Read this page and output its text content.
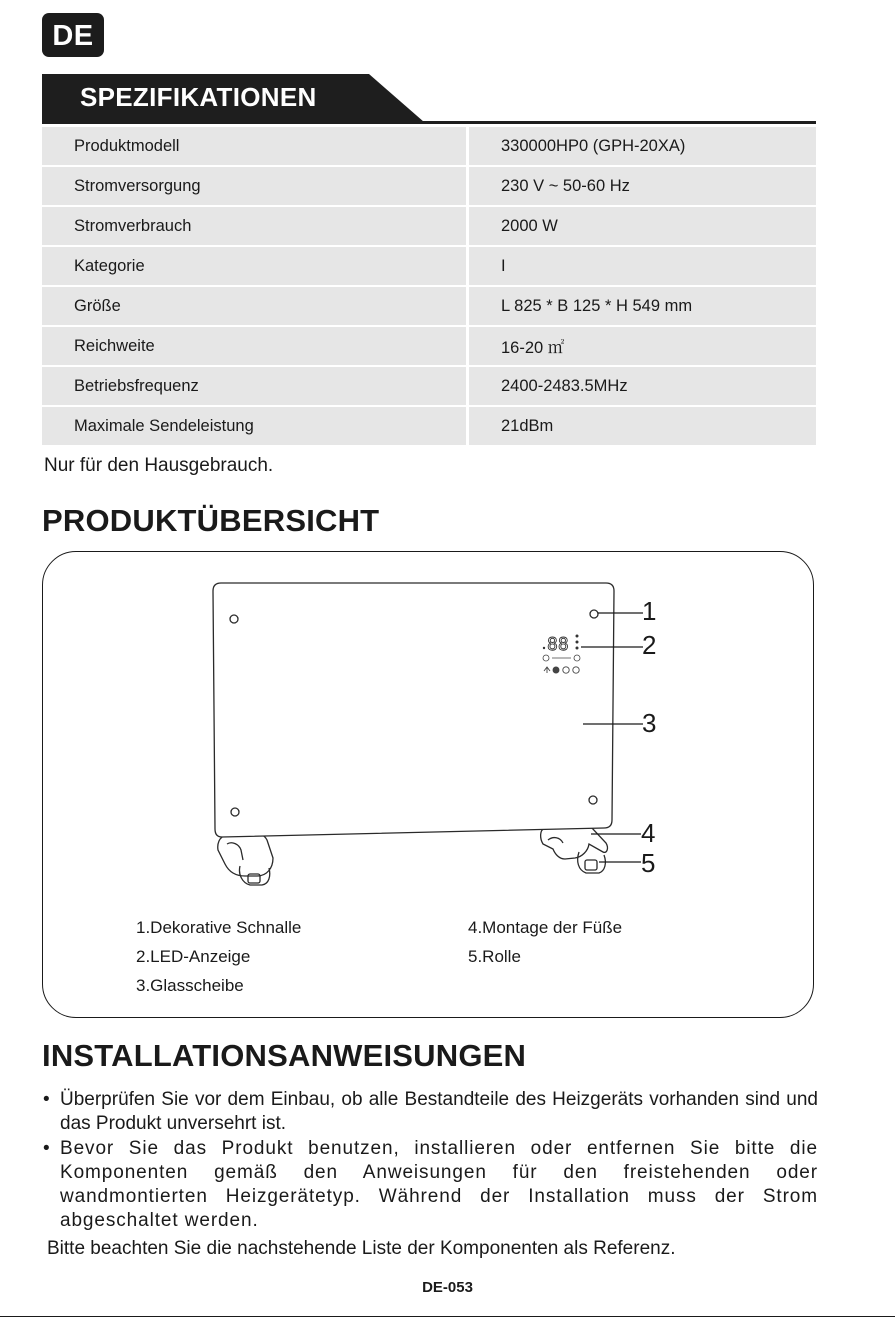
DE
SPEZIFIKATIONEN
Produktmodell	330000HP0 (GPH-20XA)
Stromversorgung	230 V ~ 50-60 Hz
Stromverbrauch	2000 W
Kategorie	I
Größe	L 825 * B 125 * H 549 mm
Reichweite	16-20 ㎡
Betriebsfrequenz	2400-2483.5MHz
Maximale Sendeleistung	21dBm
Nur für den Hausgebrauch.
PRODUKTÜBERSICHT
88
1
2
3
4
5
1.Dekorative Schnalle
2.LED-Anzeige
3.Glasscheibe
4.Montage der Füße
5.Rolle
INSTALLATIONSANWEISUNGEN
• Überprüfen Sie vor dem Einbau, ob alle Bestandteile des Heizgeräts vorhanden sind und das Produkt unversehrt ist.
• Bevor Sie das Produkt benutzen, installieren oder entfernen Sie bitte die Komponenten gemäß den Anweisungen für den freistehenden oder wandmontierten Heizgerätetyp. Während der Installation muss der Strom abgeschaltet werden.
Bitte beachten Sie die nachstehende Liste der Komponenten als Referenz.
DE-053
